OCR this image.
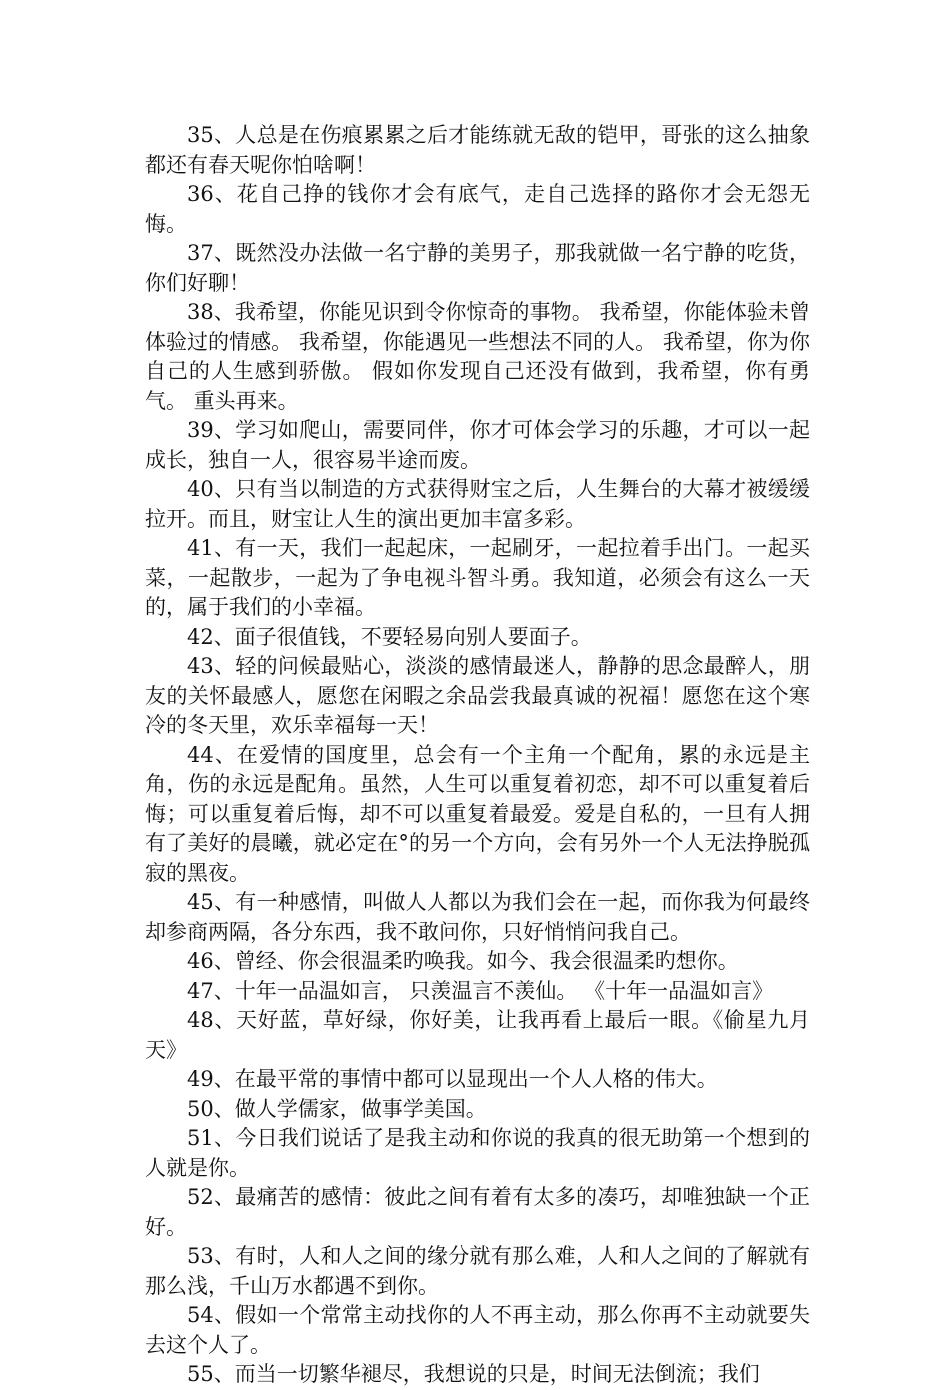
35、人总是在伤痕累累之后才能练就无敌的铠甲，哥张的这么抽象都还有春天呢你怕啥啊！

36、花自己挣的钱你才会有底气，走自己选择的路你才会无怨无悔。

37、既然没办法做一名宁静的美男子，那我就做一名宁静的吃货，你们好聊！

38、我希望，你能见识到令你惊奇的事物。 我希望，你能体验未曾体验过的情感。 我希望，你能遇见一些想法不同的人。 我希望，你为你自己的人生感到骄傲。 假如你发现自己还没有做到，我希望，你有勇气。 重头再来。

39、学习如爬山，需要同伴，你才可体会学习的乐趣，才可以一起成长，独自一人，很容易半途而废。

40、只有当以制造的方式获得财宝之后，人生舞台的大幕才被缓缓拉开。而且，财宝让人生的演出更加丰富多彩。

41、有一天，我们一起起床，一起刷牙，一起拉着手出门。一起买菜，一起散步，一起为了争电视斗智斗勇。我知道，必须会有这么一天的，属于我们的小幸福。

42、面子很值钱，不要轻易向别人要面子。

43、轻的问候最贴心，淡淡的感情最迷人，静静的思念最醉人，朋友的关怀最感人，愿您在闲暇之余品尝我最真诚的祝福！愿您在这个寒冷的冬天里，欢乐幸福每一天！

44、在爱情的国度里，总会有一个主角一个配角，累的永远是主角，伤的永远是配角。虽然，人生可以重复着初恋，却不可以重复着后悔；可以重复着后悔，却不可以重复着最爱。爱是自私的，一旦有人拥有了美好的晨曦，就必定在°的另一个方向，会有另外一个人无法挣脱孤寂的黑夜。

45、有一种感情，叫做人人都以为我们会在一起，而你我为何最终却参商两隔，各分东西，我不敢问你，只好悄悄问我自己。

46、曾经、你会很温柔旳唤我。如今、我会很温柔旳想你。

47、十年一品温如言， 只羡温言不羡仙。 《十年一品温如言》

48、天好蓝，草好绿，你好美，让我再看上最后一眼。《偷星九月天》

49、在最平常的事情中都可以显现出一个人人格的伟大。

50、做人学儒家，做事学美国。

51、今日我们说话了是我主动和你说的我真的很无助第一个想到的人就是你。

52、最痛苦的感情：彼此之间有着有太多的凑巧，却唯独缺一个正好。

53、有时，人和人之间的缘分就有那么难，人和人之间的了解就有那么浅，千山万水都遇不到你。

54、假如一个常常主动找你的人不再主动，那么你再不主动就要失去这个人了。

55、而当一切繁华褪尽，我想说的只是，时间无法倒流；我们
